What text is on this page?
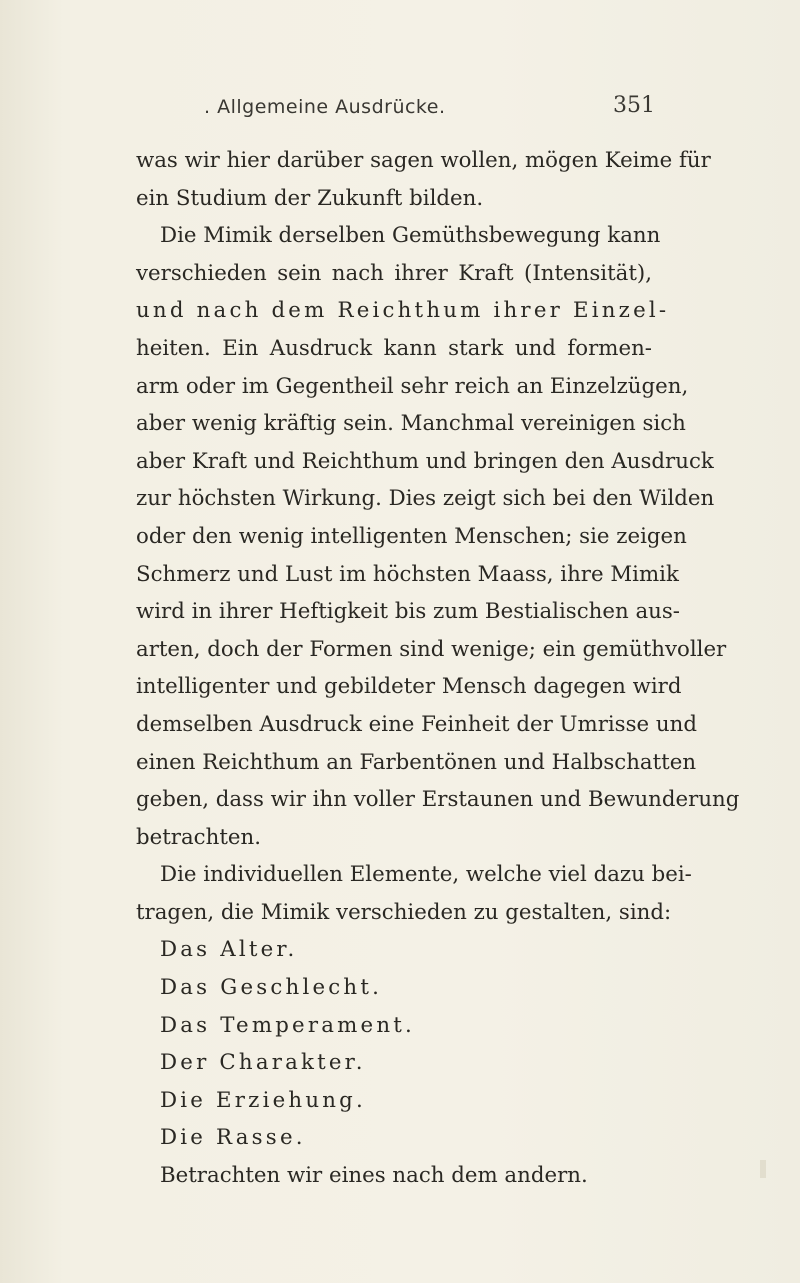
. Allgemeine Ausdrücke.	351
was wir hier darüber sagen wollen, mögen Keime für
ein Studium der Zukunft bilden.
Die Mimik derselben Gemüthsbewegung kann
verschieden sein nach ihrer Kraft (Intensität),
und nach dem Reichthum ihrer Einzel-
heiten. Ein Ausdruck kann stark und formen-
arm oder im Gegentheil sehr reich an Einzelzügen,
aber wenig kräftig sein. Manchmal vereinigen sich
aber Kraft und Reichthum und bringen den Ausdruck
zur höchsten Wirkung. Dies zeigt sich bei den Wilden
oder den wenig intelligenten Menschen; sie zeigen
Schmerz und Lust im höchsten Maass, ihre Mimik
wird in ihrer Heftigkeit bis zum Bestialischen aus-
arten, doch der Formen sind wenige; ein gemüthvoller
intelligenter und gebildeter Mensch dagegen wird
demselben Ausdruck eine Feinheit der Umrisse und
einen Reichthum an Farbentönen und Halbschatten
geben, dass wir ihn voller Erstaunen und Bewunderung
betrachten.
Die individuellen Elemente, welche viel dazu bei-
tragen, die Mimik verschieden zu gestalten, sind:
Das Alter.
Das Geschlecht.
Das Temperament.
Der Charakter.
Die Erziehung.
Die Rasse.
Betrachten wir eines nach dem andern.
